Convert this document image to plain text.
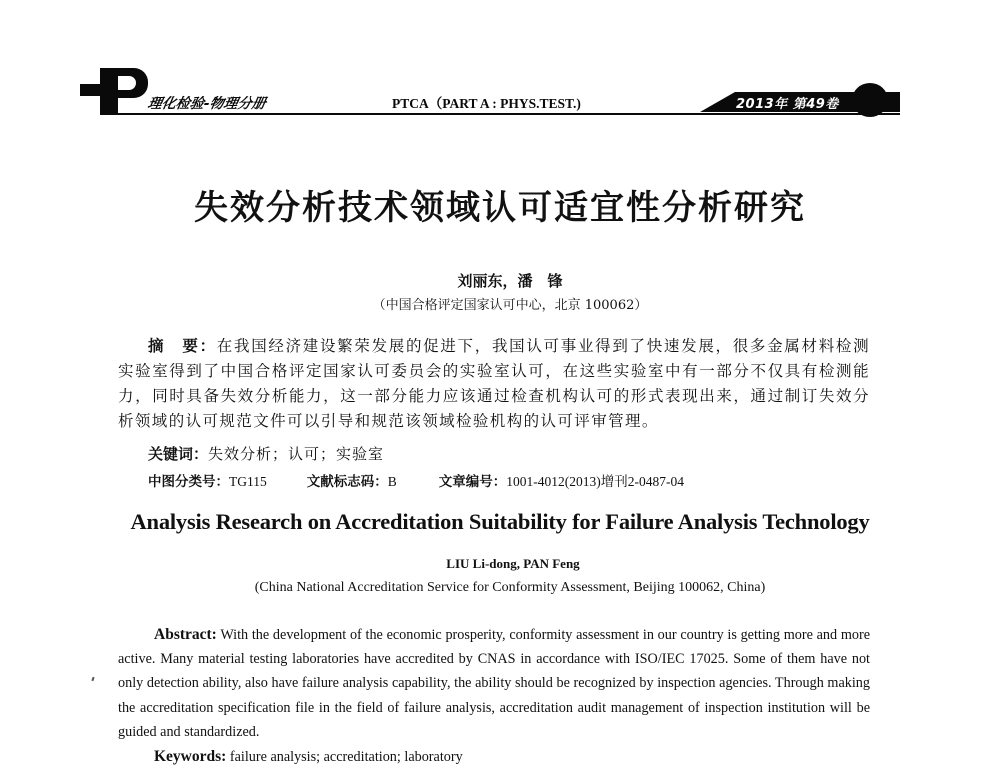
理化检验-物理分册	PTCA（PART A : PHYS.TEST.)	2013年 第49卷
失效分析技术领域认可适宜性分析研究
刘丽东，潘　锋
（中国合格评定国家认可中心，北京 100062）
摘　要：在我国经济建设繁荣发展的促进下，我国认可事业得到了快速发展，很多金属材料检测实验室得到了中国合格评定国家认可委员会的实验室认可，在这些实验室中有一部分不仅具有检测能力，同时具备失效分析能力，这一部分能力应该通过检查机构认可的形式表现出来，通过制订失效分析领域的认可规范文件可以引导和规范该领域检验机构的认可评审管理。
关键词：失效分析；认可；实验室
中图分类号：TG115	文献标志码：B	文章编号：1001-4012(2013)增刊2-0487-04
Analysis Research on Accreditation Suitability for Failure Analysis Technology
LIU Li-dong, PAN Feng
(China National Accreditation Service for Conformity Assessment, Beijing 100062, China)
Abstract: With the development of the economic prosperity, conformity assessment in our country is getting more and more active. Many material testing laboratories have accredited by CNAS in accordance with ISO/IEC 17025. Some of them have not only detection ability, also have failure analysis capability, the ability should be recognized by inspection agencies. Through making the accreditation specification file in the field of failure analysis, accreditation audit management of inspection institution will be guided and standardized.
Keywords: failure analysis; accreditation; laboratory
